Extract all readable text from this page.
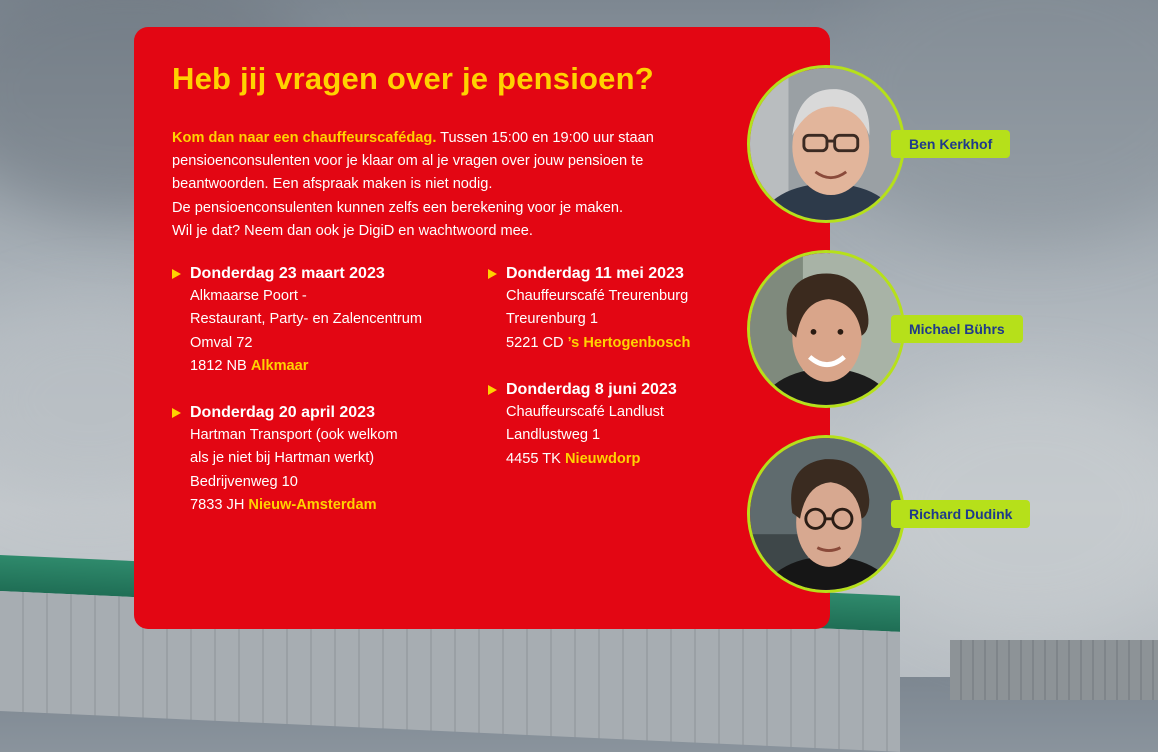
Heb jij vragen over je pensioen?
Kom dan naar een chauffeurscafédag. Tussen 15:00 en 19:00 uur staan
pensioenconsulenten voor je klaar om al je vragen over jouw pensioen te
beantwoorden. Een afspraak maken is niet nodig.
De pensioenconsulenten kunnen zelfs een berekening voor je maken.
Wil je dat? Neem dan ook je DigiD en wachtwoord mee.
Donderdag 23 maart 2023
Alkmaarse Poort -
Restaurant, Party- en Zalencentrum
Omval 72
1812 NB Alkmaar
Donderdag 20 april 2023
Hartman Transport (ook welkom
als je niet bij Hartman werkt)
Bedrijvenweg 10
7833 JH Nieuw-Amsterdam
Donderdag 11 mei 2023
Chauffeurscafé Treurenburg
Treurenburg 1
5221 CD ’s Hertogenbosch
Donderdag 8 juni 2023
Chauffeurscafé Landlust
Landlustweg 1
4455 TK Nieuwdorp
Ben Kerkhof
Michael Bührs
Richard Dudink
